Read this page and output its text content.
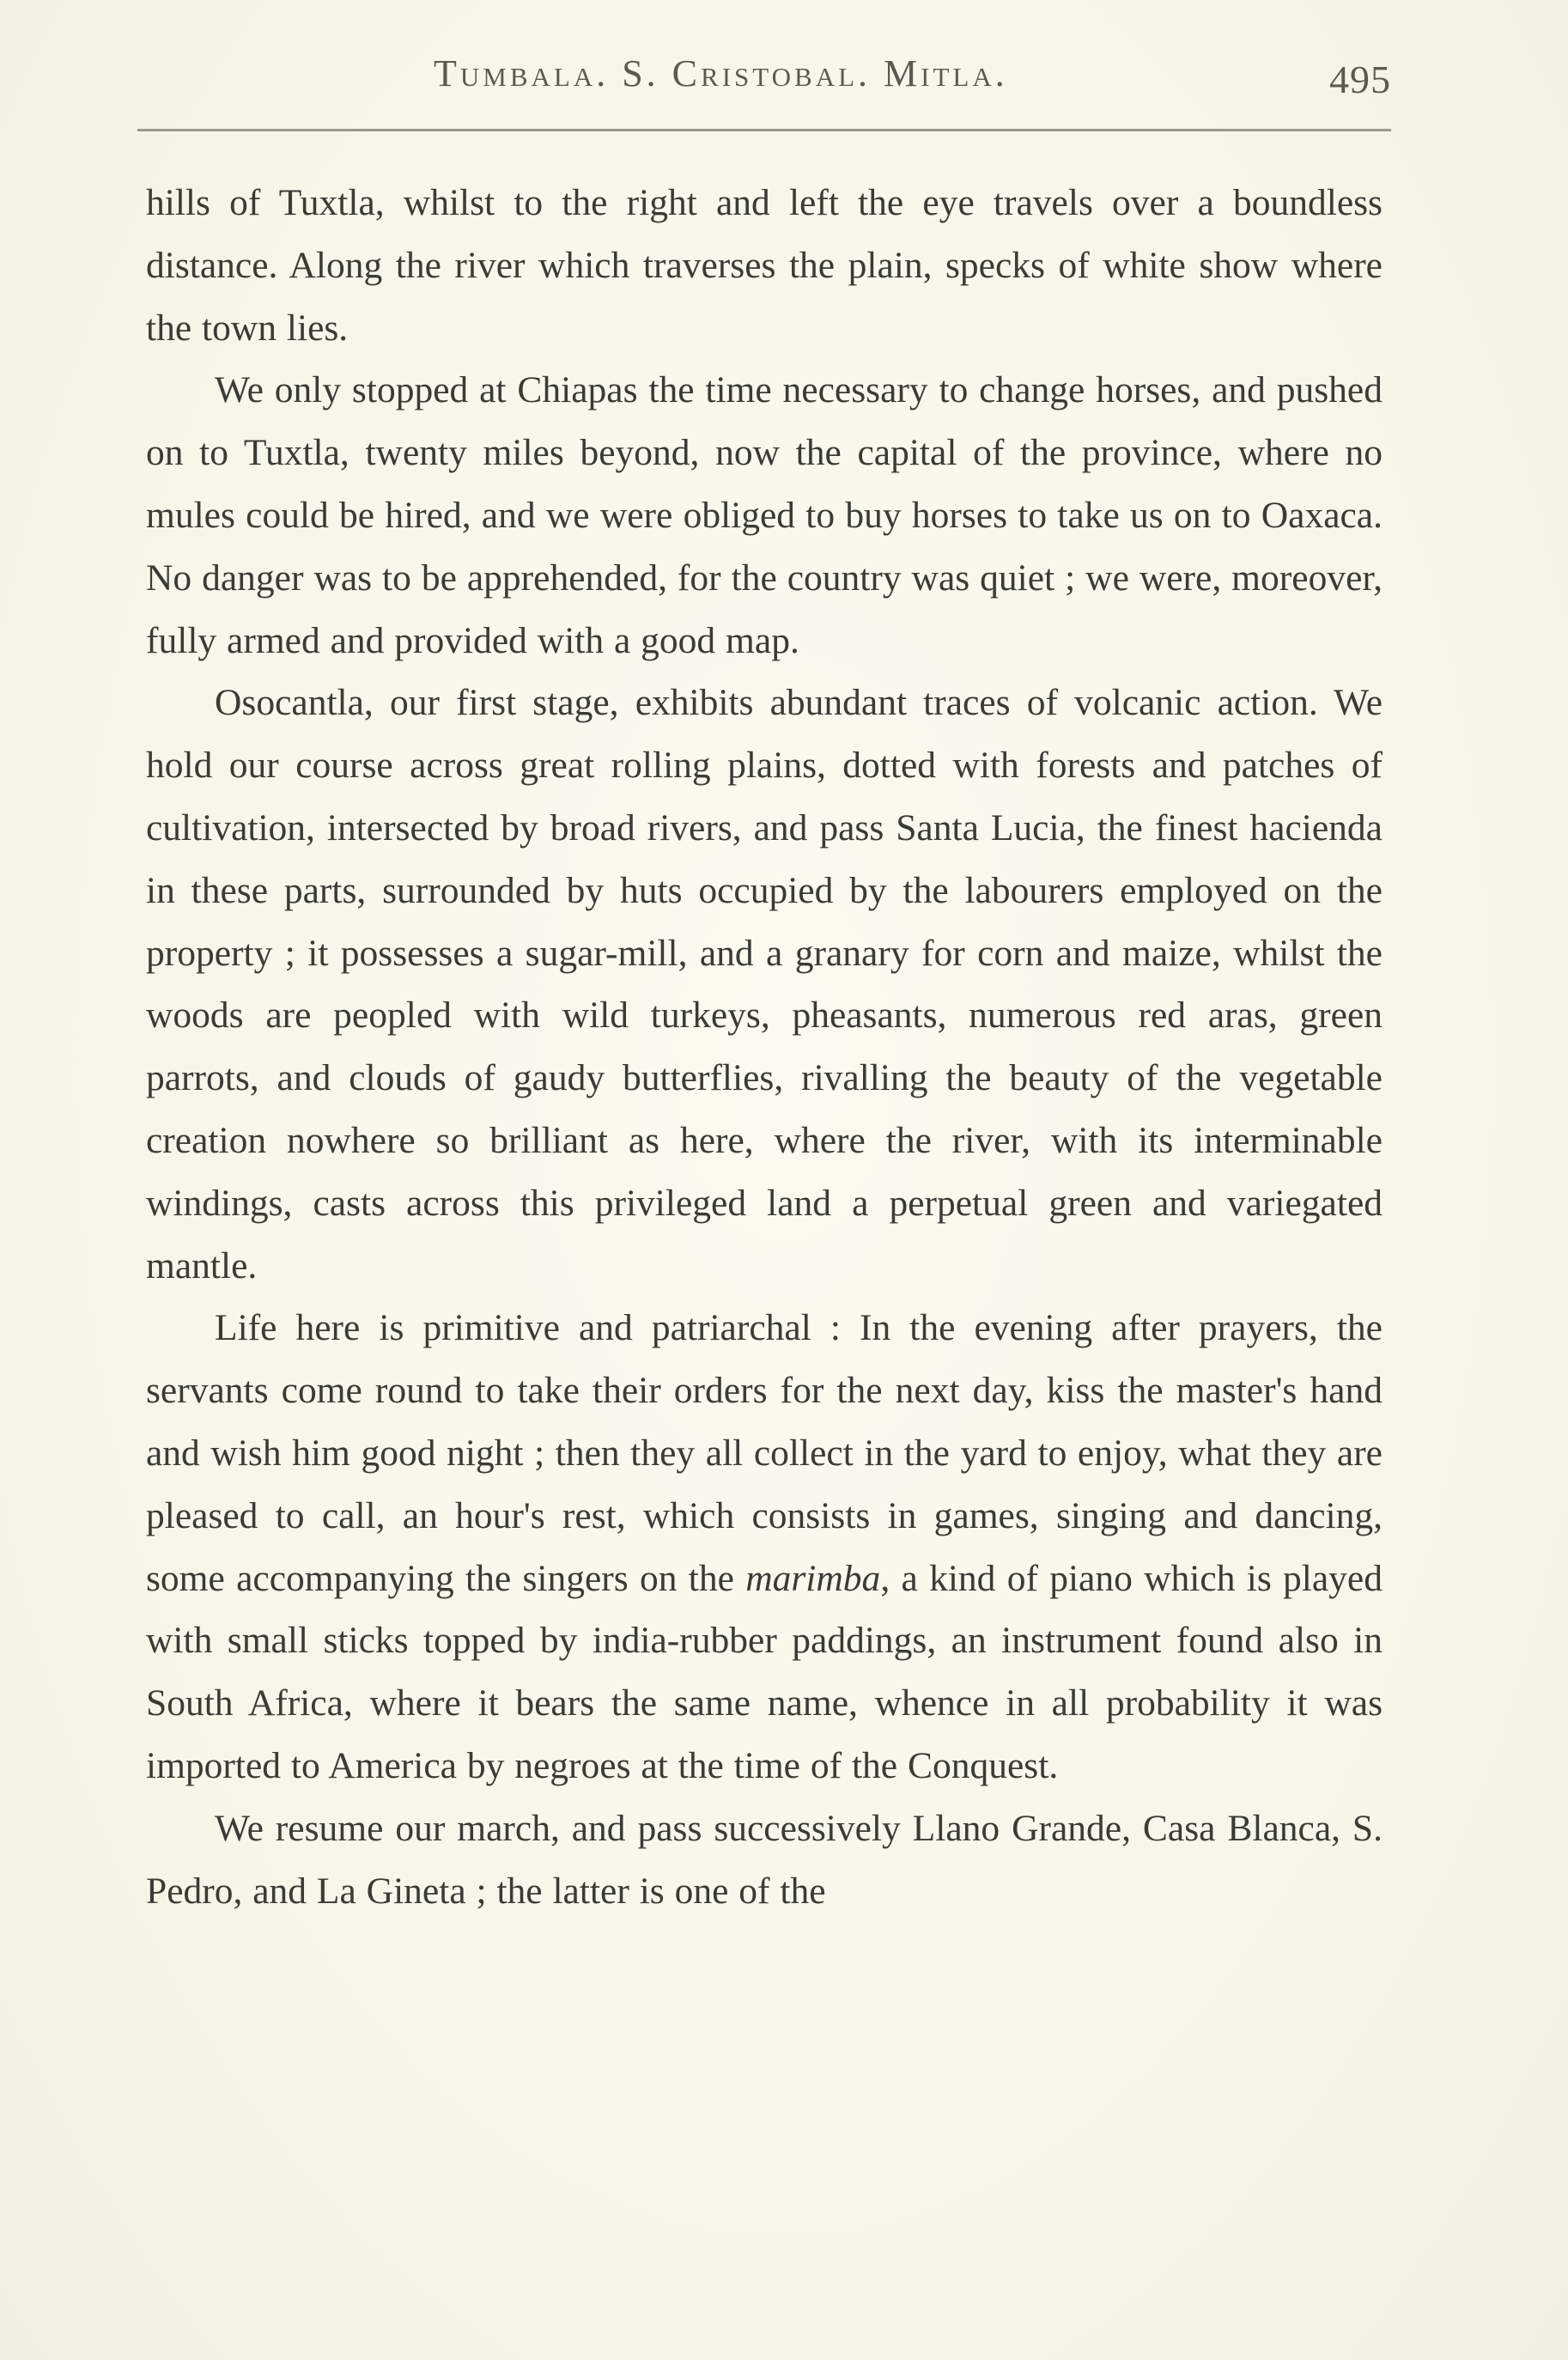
Tumbala. S. Cristobal. Mitla.	495

hills of Tuxtla, whilst to the right and left the eye travels over a boundless distance. Along the river which traverses the plain, specks of white show where the town lies.

We only stopped at Chiapas the time necessary to change horses, and pushed on to Tuxtla, twenty miles beyond, now the capital of the province, where no mules could be hired, and we were obliged to buy horses to take us on to Oaxaca. No danger was to be apprehended, for the country was quiet ; we were, moreover, fully armed and provided with a good map.

Osocantla, our first stage, exhibits abundant traces of volcanic action. We hold our course across great rolling plains, dotted with forests and patches of cultivation, intersected by broad rivers, and pass Santa Lucia, the finest hacienda in these parts, surrounded by huts occupied by the labourers employed on the property ; it possesses a sugar-mill, and a granary for corn and maize, whilst the woods are peopled with wild turkeys, pheasants, numerous red aras, green parrots, and clouds of gaudy butterflies, rivalling the beauty of the vegetable creation nowhere so brilliant as here, where the river, with its interminable windings, casts across this privileged land a perpetual green and variegated mantle.

Life here is primitive and patriarchal : In the evening after prayers, the servants come round to take their orders for the next day, kiss the master's hand and wish him good night ; then they all collect in the yard to enjoy, what they are pleased to call, an hour's rest, which consists in games, singing and dancing, some accompanying the singers on the marimba, a kind of piano which is played with small sticks topped by india-rubber paddings, an instrument found also in South Africa, where it bears the same name, whence in all probability it was imported to America by negroes at the time of the Conquest.

We resume our march, and pass successively Llano Grande, Casa Blanca, S. Pedro, and La Gineta ; the latter is one of the
